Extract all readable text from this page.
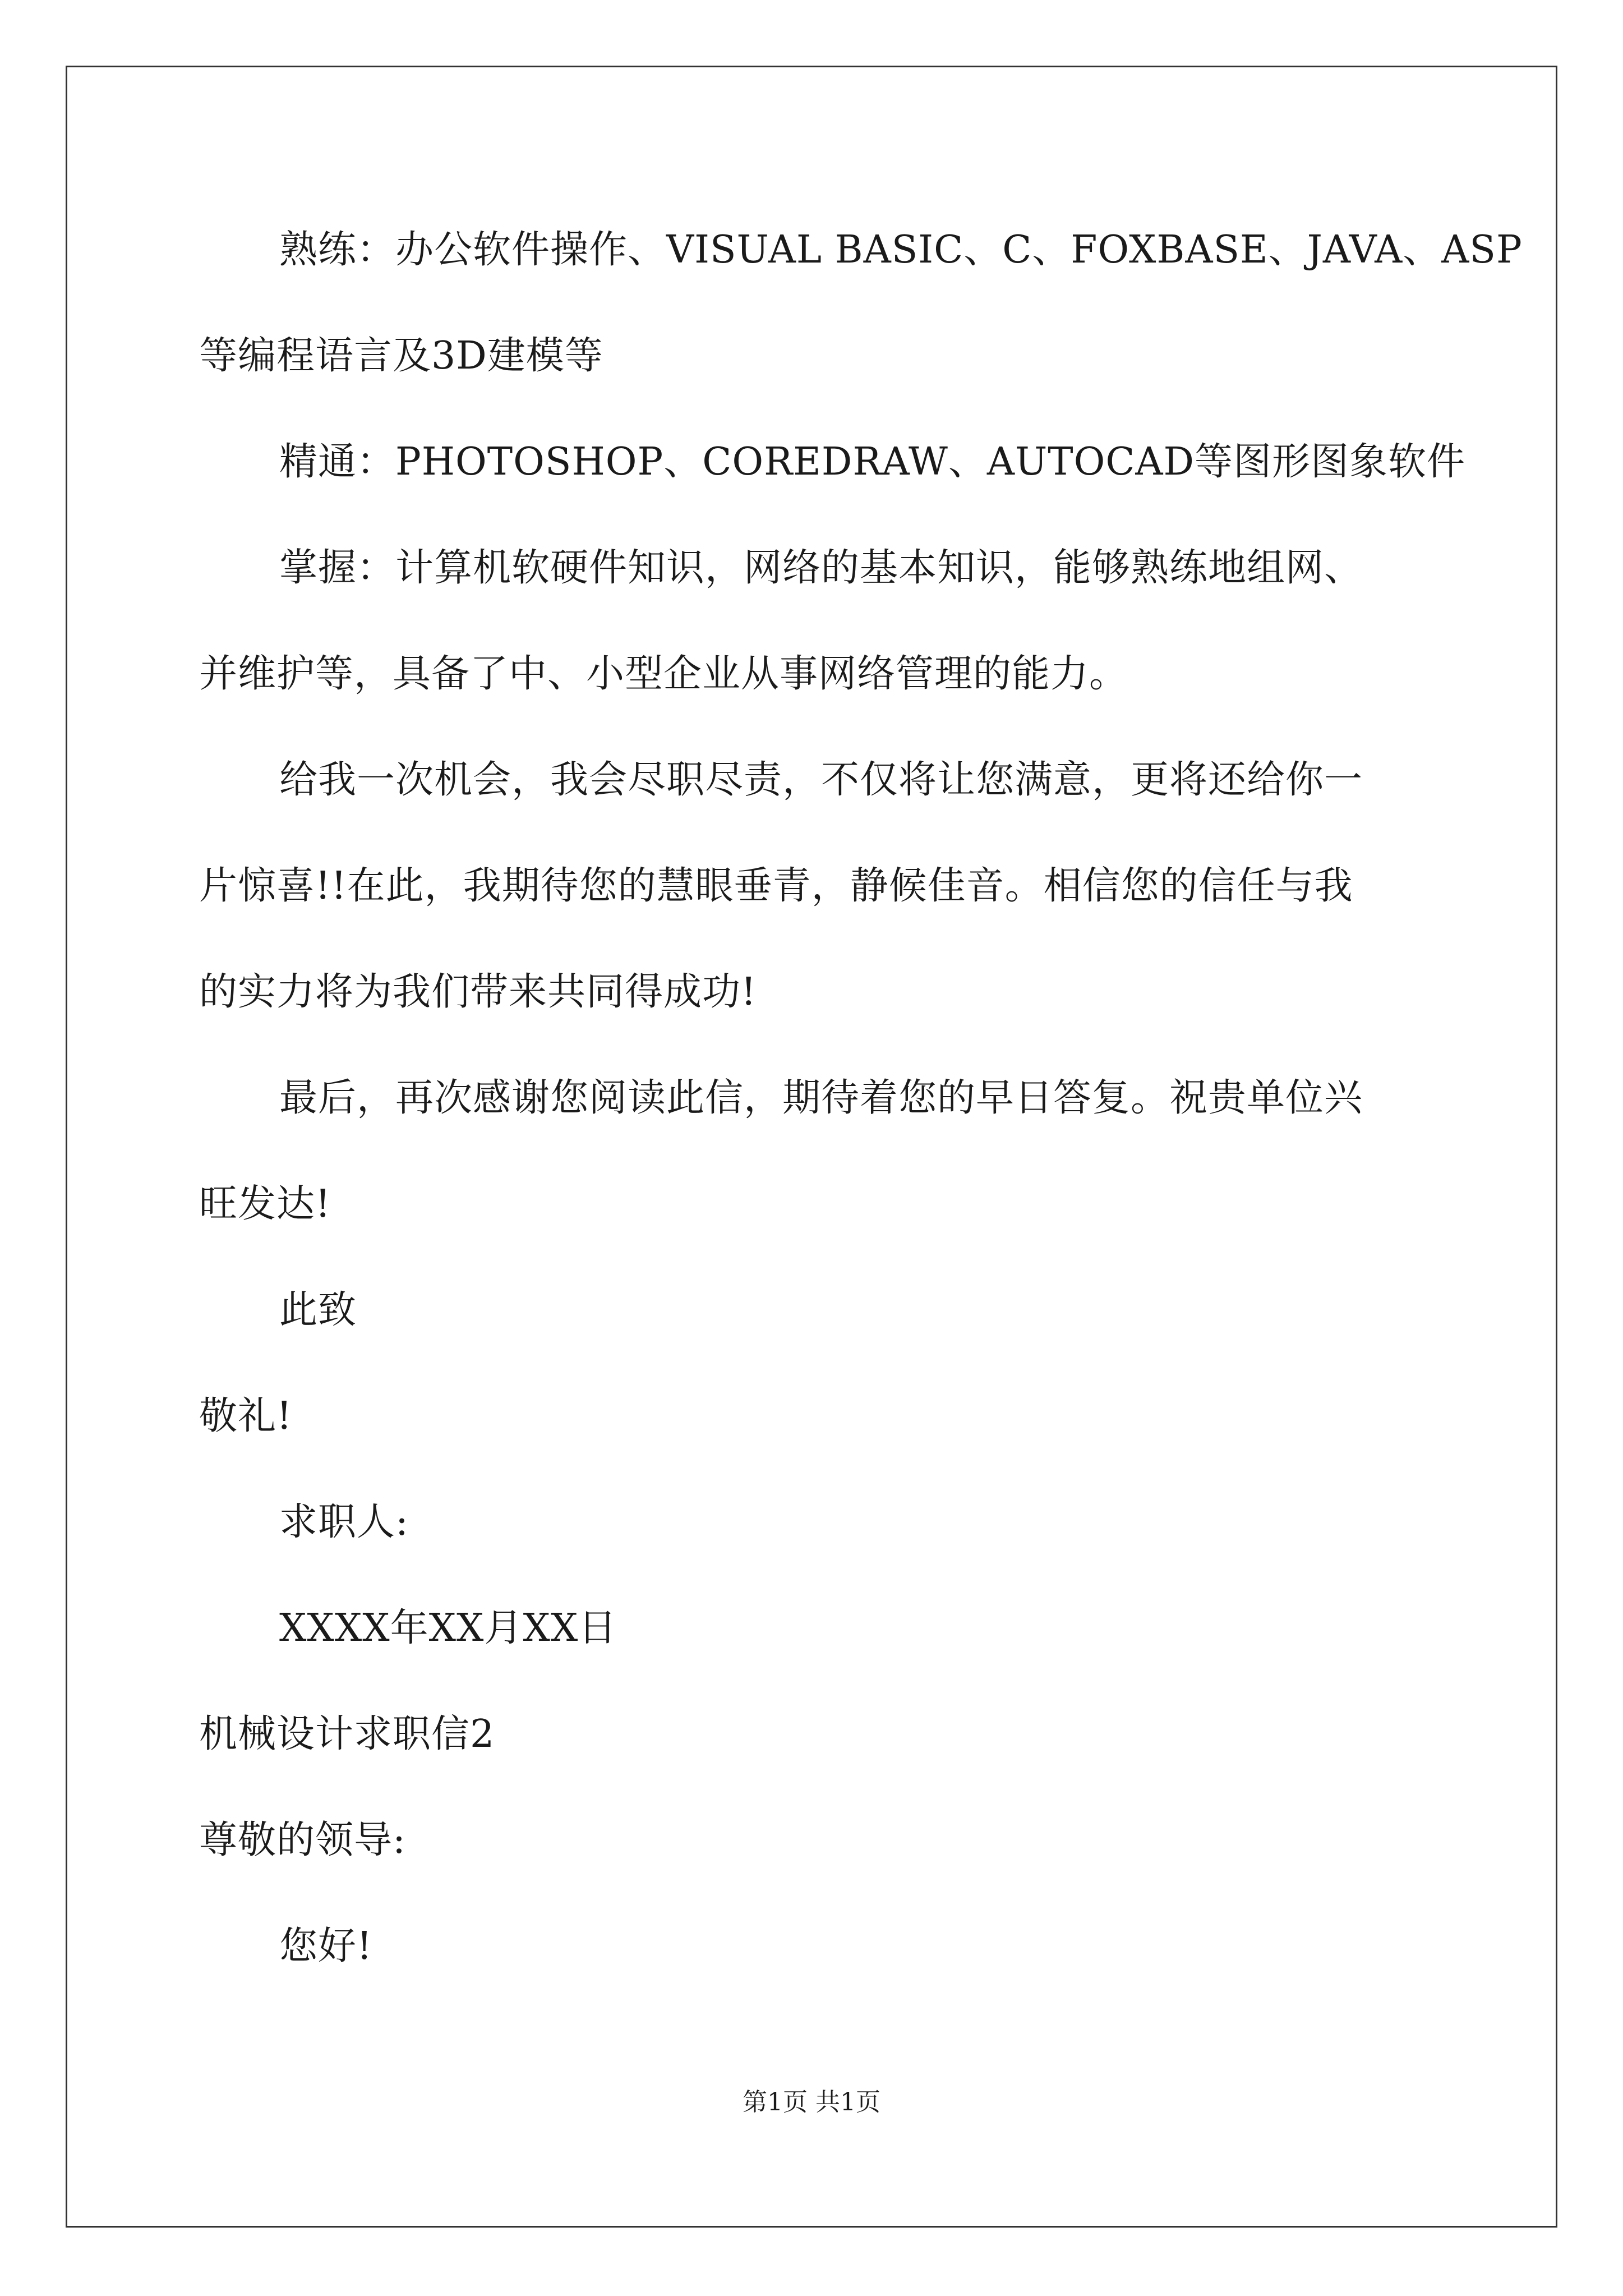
熟练：办公软件操作、VISUAL BASIC、C、FOXBASE、JAVA、ASP
等编程语言及3D建模等
精通：PHOTOSHOP、COREDRAW、AUTOCAD等图形图象软件
掌握：计算机软硬件知识，网络的基本知识，能够熟练地组网、
并维护等，具备了中、小型企业从事网络管理的能力。
给我一次机会，我会尽职尽责，不仅将让您满意，更将还给你一
片惊喜!!在此，我期待您的慧眼垂青，静候佳音。相信您的信任与我
的实力将为我们带来共同得成功!
最后，再次感谢您阅读此信，期待着您的早日答复。祝贵单位兴
旺发达!
此致
敬礼!
求职人:
XXXX年XX月XX日
机械设计求职信2
尊敬的领导:
您好!
第1页 共1页
